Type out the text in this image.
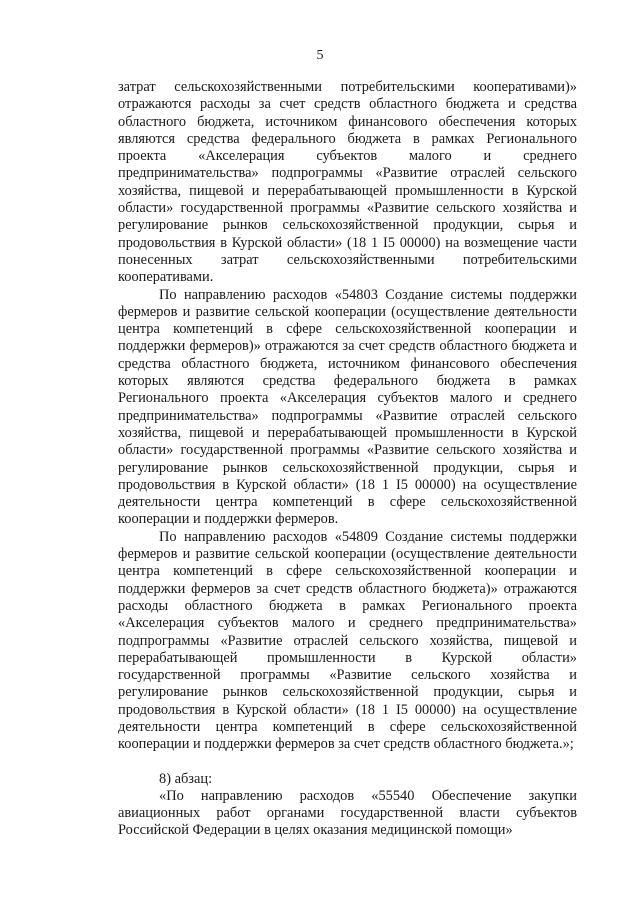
5

затрат сельскохозяйственными потребительскими кооперативами)» отражаются расходы за счет средств областного бюджета и средства областного бюджета, источником финансового обеспечения которых являются средства федерального бюджета в рамках Регионального проекта «Акселерация субъектов малого и среднего предпринимательства» подпрограммы «Развитие отраслей сельского хозяйства, пищевой и перерабатывающей промышленности в Курской области» государственной программы «Развитие сельского хозяйства и регулирование рынков сельскохозяйственной продукции, сырья и продовольствия в Курской области» (18 1 I5 00000) на возмещение части понесенных затрат сельскохозяйственными потребительскими кооперативами.

По направлению расходов «54803 Создание системы поддержки фермеров и развитие сельской кооперации (осуществление деятельности центра компетенций в сфере сельскохозяйственной кооперации и поддержки фермеров)» отражаются за счет средств областного бюджета и средства областного бюджета, источником финансового обеспечения которых являются средства федерального бюджета в рамках Регионального проекта «Акселерация субъектов малого и среднего предпринимательства» подпрограммы «Развитие отраслей сельского хозяйства, пищевой и перерабатывающей промышленности в Курской области» государственной программы «Развитие сельского хозяйства и регулирование рынков сельскохозяйственной продукции, сырья и продовольствия в Курской области» (18 1 I5 00000) на осуществление деятельности центра компетенций в сфере сельскохозяйственной кооперации и поддержки фермеров.

По направлению расходов «54809 Создание системы поддержки фермеров и развитие сельской кооперации (осуществление деятельности центра компетенций в сфере сельскохозяйственной кооперации и поддержки фермеров за счет средств областного бюджета)» отражаются расходы областного бюджета в рамках Регионального проекта «Акселерация субъектов малого и среднего предпринимательства» подпрограммы «Развитие отраслей сельского хозяйства, пищевой и перерабатывающей промышленности в Курской области» государственной программы «Развитие сельского хозяйства и регулирование рынков сельскохозяйственной продукции, сырья и продовольствия в Курской области» (18 1 I5 00000) на осуществление деятельности центра компетенций в сфере сельскохозяйственной кооперации и поддержки фермеров за счет средств областного бюджета.»;

8) абзац:

«По направлению расходов «55540 Обеспечение закупки авиационных работ органами государственной власти субъектов Российской Федерации в целях оказания медицинской помощи»
